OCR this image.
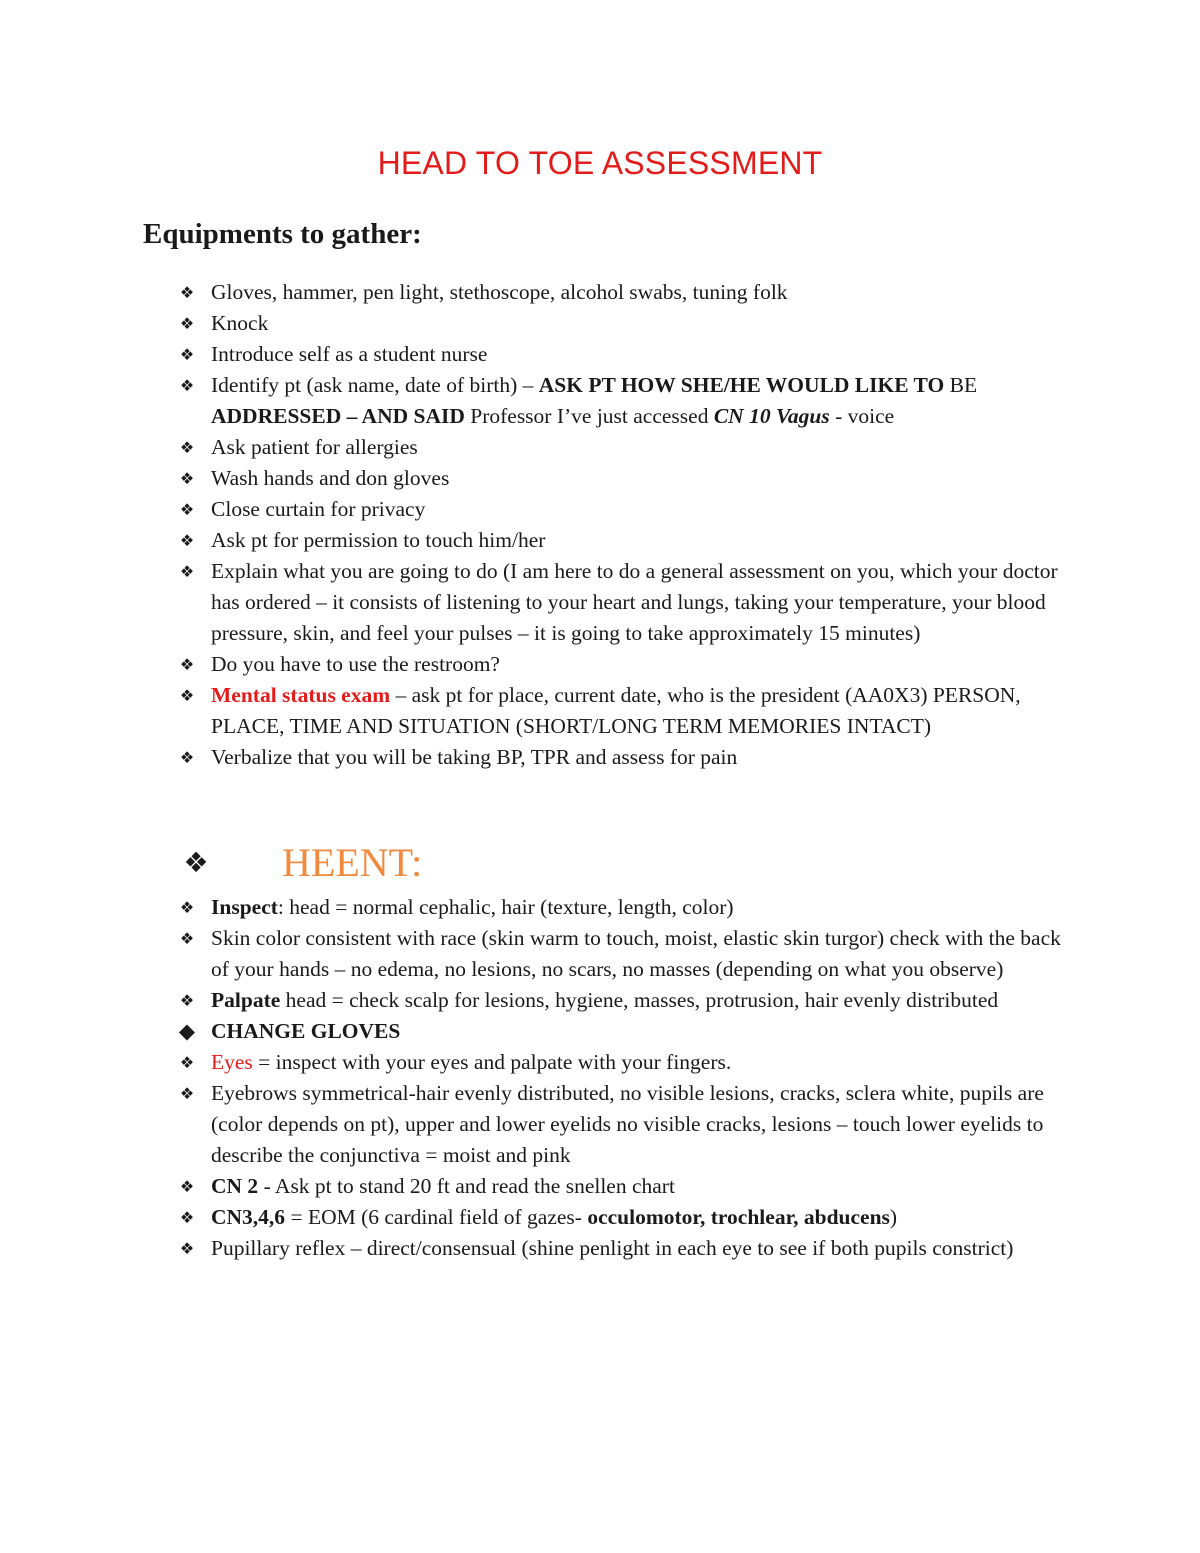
HEAD TO TOE ASSESSMENT
Equipments to gather:
❖ Gloves, hammer, pen light, stethoscope, alcohol swabs, tuning folk
❖ Knock
❖ Introduce self as a student nurse
❖ Identify pt (ask name, date of birth) – ASK PT HOW SHE/HE WOULD LIKE TO BE ADDRESSED – AND SAID Professor I’ve just accessed CN 10 Vagus - voice
❖ Ask patient for allergies
❖ Wash hands and don gloves
❖ Close curtain for privacy
❖ Ask pt for permission to touch him/her
❖ Explain what you are going to do (I am here to do a general assessment on you, which your doctor has ordered – it consists of listening to your heart and lungs, taking your temperature, your blood pressure, skin, and feel your pulses – it is going to take approximately 15 minutes)
❖ Do you have to use the restroom?
❖ Mental status exam – ask pt for place, current date, who is the president (AA0X3) PERSON, PLACE, TIME AND SITUATION (SHORT/LONG TERM MEMORIES INTACT)
❖ Verbalize that you will be taking BP, TPR and assess for pain
❖ HEENT:
❖ Inspect: head = normal cephalic, hair (texture, length, color)
❖ Skin color consistent with race (skin warm to touch, moist, elastic skin turgor) check with the back of your hands – no edema, no lesions, no scars, no masses (depending on what you observe)
❖ Palpate head = check scalp for lesions, hygiene, masses, protrusion, hair evenly distributed
◆ CHANGE GLOVES
❖ Eyes = inspect with your eyes and palpate with your fingers.
❖ Eyebrows symmetrical-hair evenly distributed, no visible lesions, cracks, sclera white, pupils are (color depends on pt), upper and lower eyelids no visible cracks, lesions – touch lower eyelids to describe the conjunctiva = moist and pink
❖ CN 2 - Ask pt to stand 20 ft and read the snellen chart
❖ CN3,4,6 = EOM (6 cardinal field of gazes- occulomotor, trochlear, abducens)
❖ Pupillary reflex – direct/consensual (shine penlight in each eye to see if both pupils constrict)
